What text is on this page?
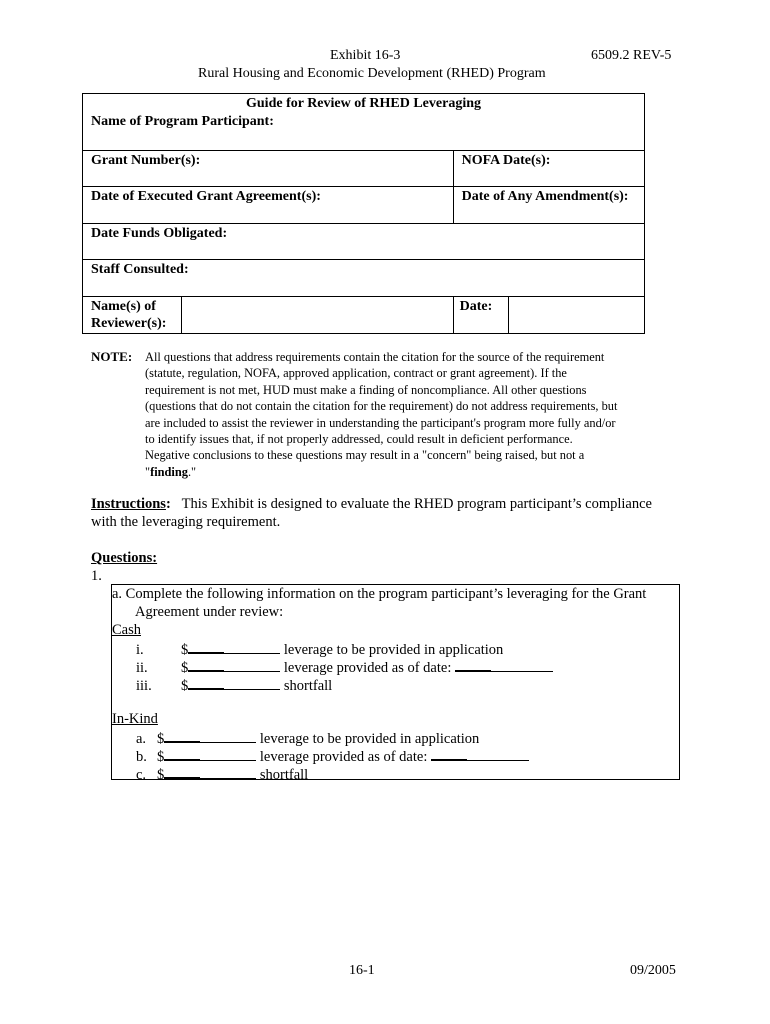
Exhibit 16-3	6509.2 REV-5
Rural Housing and Economic Development (RHED) Program
Guide for Review of RHED Leveraging		
Name of Program Participant:		
Grant Number(s):		NOFA Date(s):
Date of Executed Grant Agreement(s):		Date of Any Amendment(s):
Date Funds Obligated:		
Staff Consulted:		
Name(s) of
Reviewer(s):		Date:
NOTE: All questions that address requirements contain the citation for the source of the requirement
(statute, regulation, NOFA, approved application, contract or grant agreement). If the
requirement is not met, HUD must make a finding of noncompliance. All other questions
(questions that do not contain the citation for the requirement) do not address requirements, but
are included to assist the reviewer in understanding the participant's program more fully and/or
to identify issues that, if not properly addressed, could result in deficient performance.
Negative conclusions to these questions may result in a "concern" being raised, but not a
"finding."
Instructions: This Exhibit is designed to evaluate the RHED program participant’s compliance
with the leveraging requirement.
Questions:
1.
a. Complete the following information on the program participant’s leveraging for the Grant
Agreement under review:
Cash
i.	$	leverage to be provided in application
ii. $	leverage provided as of date:
iii. $	shortfall
In-Kind
a. $	leverage to be provided in application
b. $	leverage provided as of date:
c. $	shortfall
16-1	09/2005
